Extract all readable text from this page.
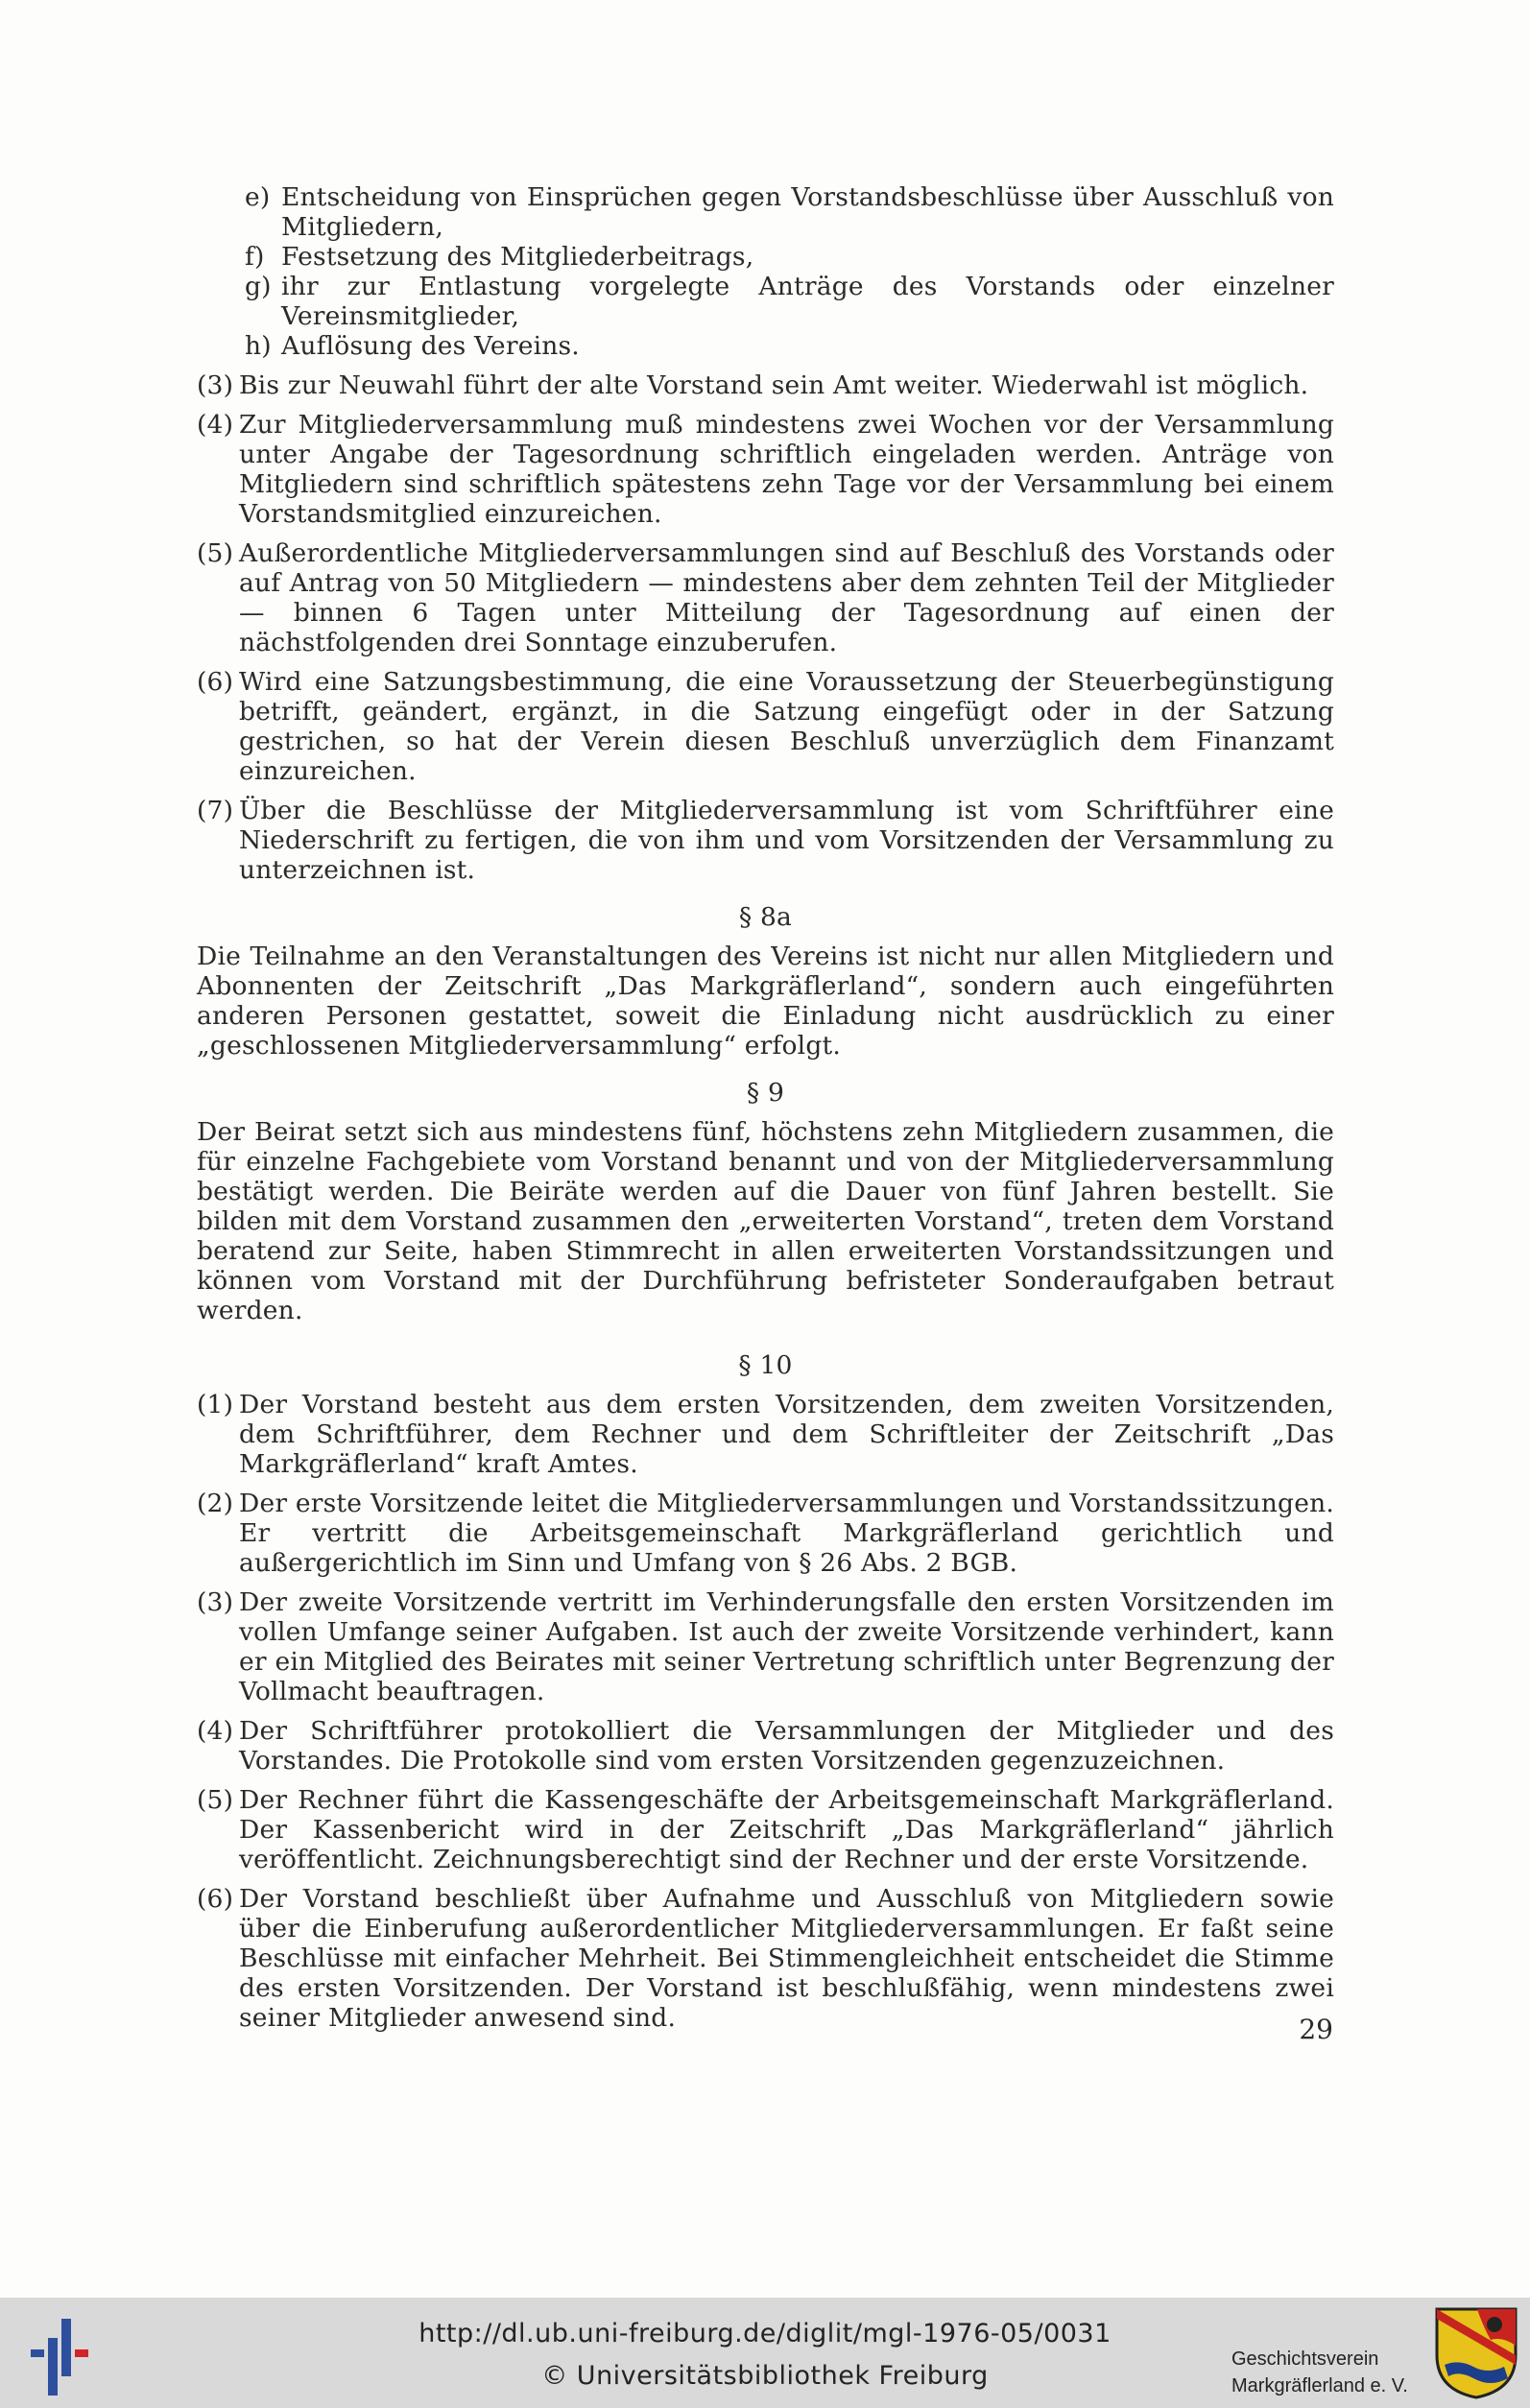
e) Entscheidung von Einsprüchen gegen Vorstandsbeschlüsse über Ausschluß von Mitgliedern,
f) Festsetzung des Mitgliederbeitrags,
g) ihr zur Entlastung vorgelegte Anträge des Vorstands oder einzelner Vereinsmitglieder,
h) Auflösung des Vereins.
(3) Bis zur Neuwahl führt der alte Vorstand sein Amt weiter. Wiederwahl ist möglich.
(4) Zur Mitgliederversammlung muß mindestens zwei Wochen vor der Versammlung unter Angabe der Tagesordnung schriftlich eingeladen werden. Anträge von Mitgliedern sind schriftlich spätestens zehn Tage vor der Versammlung bei einem Vorstandsmitglied einzureichen.
(5) Außerordentliche Mitgliederversammlungen sind auf Beschluß des Vorstands oder auf Antrag von 50 Mitgliedern — mindestens aber dem zehnten Teil der Mitglieder — binnen 6 Tagen unter Mitteilung der Tagesordnung auf einen der nächstfolgenden drei Sonntage einzuberufen.
(6) Wird eine Satzungsbestimmung, die eine Voraussetzung der Steuerbegünstigung betrifft, geändert, ergänzt, in die Satzung eingefügt oder in der Satzung gestrichen, so hat der Verein diesen Beschluß unverzüglich dem Finanzamt einzureichen.
(7) Über die Beschlüsse der Mitgliederversammlung ist vom Schriftführer eine Niederschrift zu fertigen, die von ihm und vom Vorsitzenden der Versammlung zu unterzeichnen ist.
§ 8a
Die Teilnahme an den Veranstaltungen des Vereins ist nicht nur allen Mitgliedern und Abonnenten der Zeitschrift „Das Markgräflerland“, sondern auch eingeführten anderen Personen gestattet, soweit die Einladung nicht ausdrücklich zu einer „geschlossenen Mitgliederversammlung“ erfolgt.
§ 9
Der Beirat setzt sich aus mindestens fünf, höchstens zehn Mitgliedern zusammen, die für einzelne Fachgebiete vom Vorstand benannt und von der Mitgliederversammlung bestätigt werden. Die Beiräte werden auf die Dauer von fünf Jahren bestellt. Sie bilden mit dem Vorstand zusammen den „erweiterten Vorstand“, treten dem Vorstand beratend zur Seite, haben Stimmrecht in allen erweiterten Vorstandssitzungen und können vom Vorstand mit der Durchführung befristeter Sonderaufgaben betraut werden.
§ 10
(1) Der Vorstand besteht aus dem ersten Vorsitzenden, dem zweiten Vorsitzenden, dem Schriftführer, dem Rechner und dem Schriftleiter der Zeitschrift „Das Markgräflerland“ kraft Amtes.
(2) Der erste Vorsitzende leitet die Mitgliederversammlungen und Vorstandssitzungen. Er vertritt die Arbeitsgemeinschaft Markgräflerland gerichtlich und außergerichtlich im Sinn und Umfang von § 26 Abs. 2 BGB.
(3) Der zweite Vorsitzende vertritt im Verhinderungsfalle den ersten Vorsitzenden im vollen Umfange seiner Aufgaben. Ist auch der zweite Vorsitzende verhindert, kann er ein Mitglied des Beirates mit seiner Vertretung schriftlich unter Begrenzung der Vollmacht beauftragen.
(4) Der Schriftführer protokolliert die Versammlungen der Mitglieder und des Vorstandes. Die Protokolle sind vom ersten Vorsitzenden gegenzuzeichnen.
(5) Der Rechner führt die Kassengeschäfte der Arbeitsgemeinschaft Markgräflerland. Der Kassenbericht wird in der Zeitschrift „Das Markgräflerland“ jährlich veröffentlicht. Zeichnungsberechtigt sind der Rechner und der erste Vorsitzende.
(6) Der Vorstand beschließt über Aufnahme und Ausschluß von Mitgliedern sowie über die Einberufung außerordentlicher Mitgliederversammlungen. Er faßt seine Beschlüsse mit einfacher Mehrheit. Bei Stimmengleichheit entscheidet die Stimme des ersten Vorsitzenden. Der Vorstand ist beschlußfähig, wenn mindestens zwei seiner Mitglieder anwesend sind.	29
http://dl.ub.uni-freiburg.de/diglit/mgl-1976-05/0031
© Universitätsbibliothek Freiburg
Geschichtsverein
Markgräflerland e. V.
